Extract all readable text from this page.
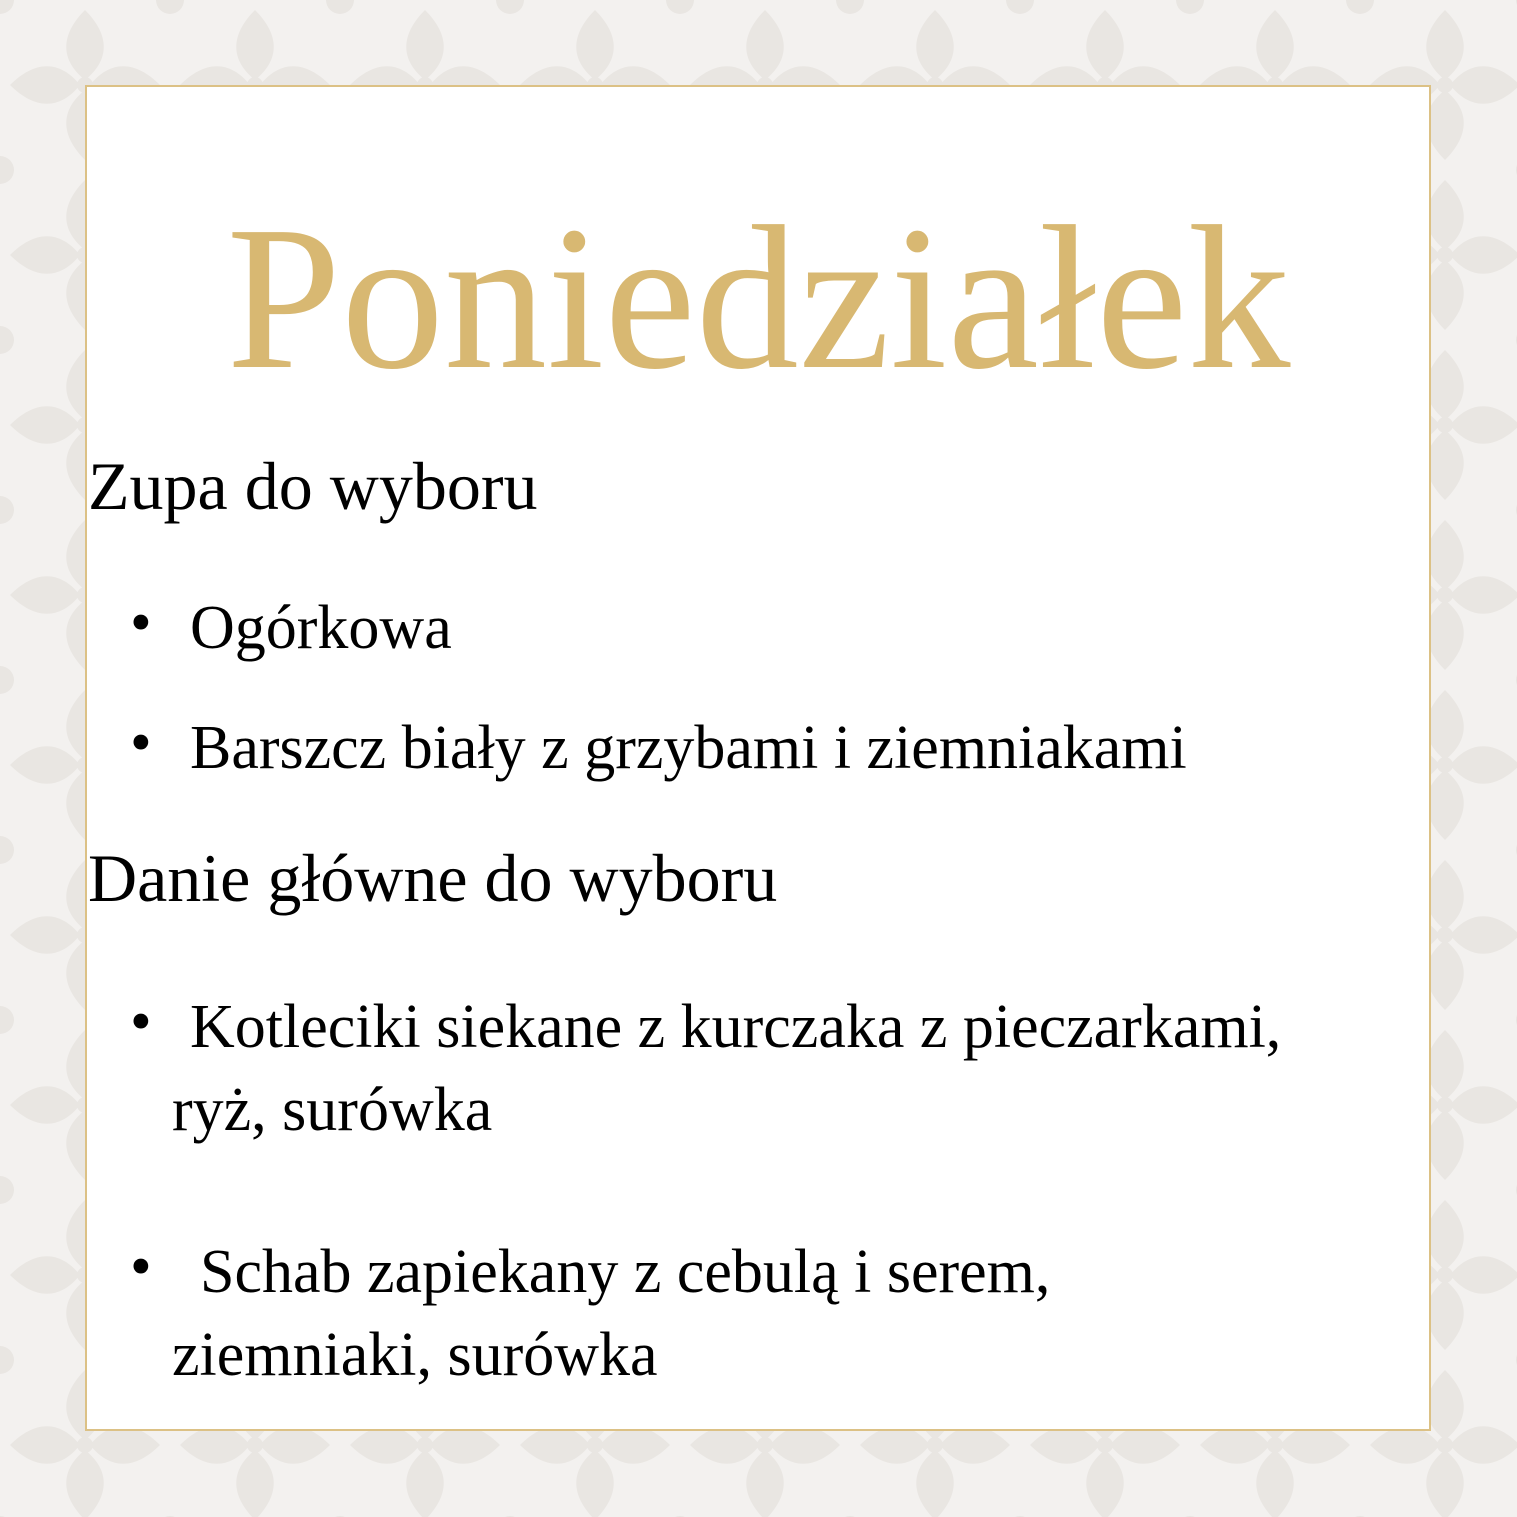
Poniedziałek
Zupa do wyboru
• Ogórkowa
• Barszcz biały z grzybami i ziemniakami
Danie główne do wyboru
• Kotleciki siekane z kurczaka z pieczarkami,
ryż, surówka
• Schab zapiekany z cebulą i serem,
ziemniaki, surówka
